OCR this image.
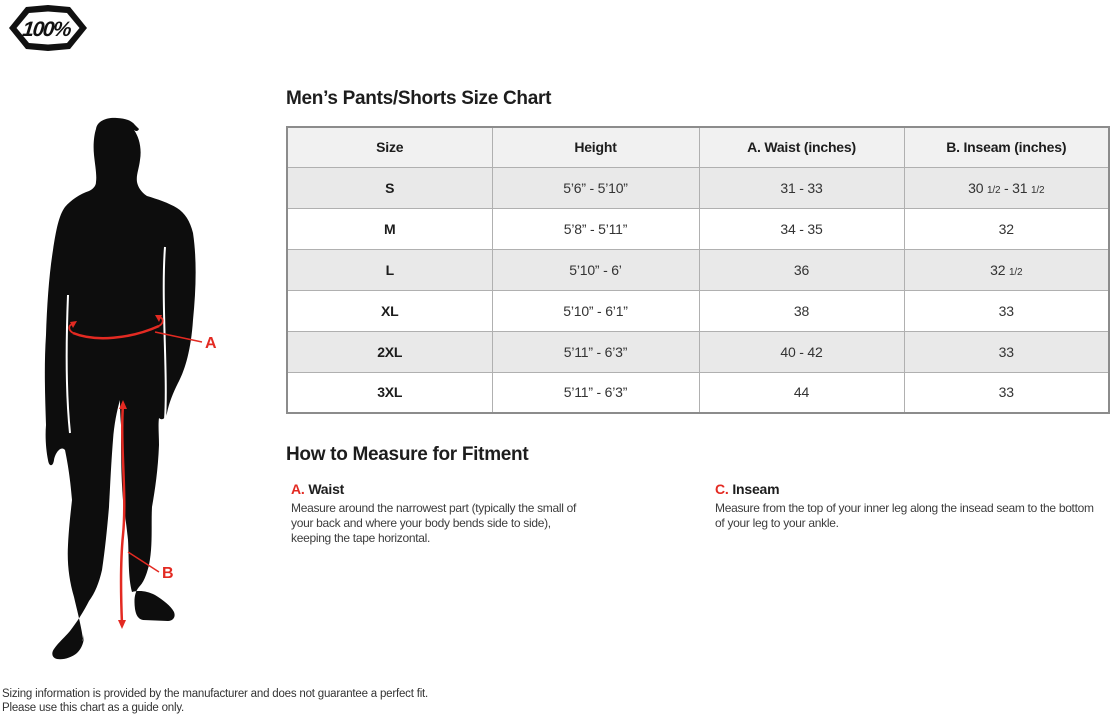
100%
A
B
Men’s Pants/Shorts Size Chart
Size	Height	A. Waist (inches)	B. Inseam (inches)
S	5’6” - 5’10”	31 - 33	30 1/2 - 31 1/2
M	5’8” - 5’11”	34 - 35	32
L	5’10” - 6’	36	32 1/2
XL	5’10” - 6’1”	38	33
2XL	5’11” - 6’3”	40 - 42	33
3XL	5’11” - 6’3”	44	33
How to Measure for Fitment
A. Waist

Measure around the narrowest part (typically the small of your back and where your body bends side to side), keeping the tape horizontal.

C. Inseam

Measure from the top of your inner leg along the insead seam to the bottom of your leg to your ankle.

Sizing information is provided by the manufacturer and does not guarantee a perfect fit.
Please use this chart as a guide only.
